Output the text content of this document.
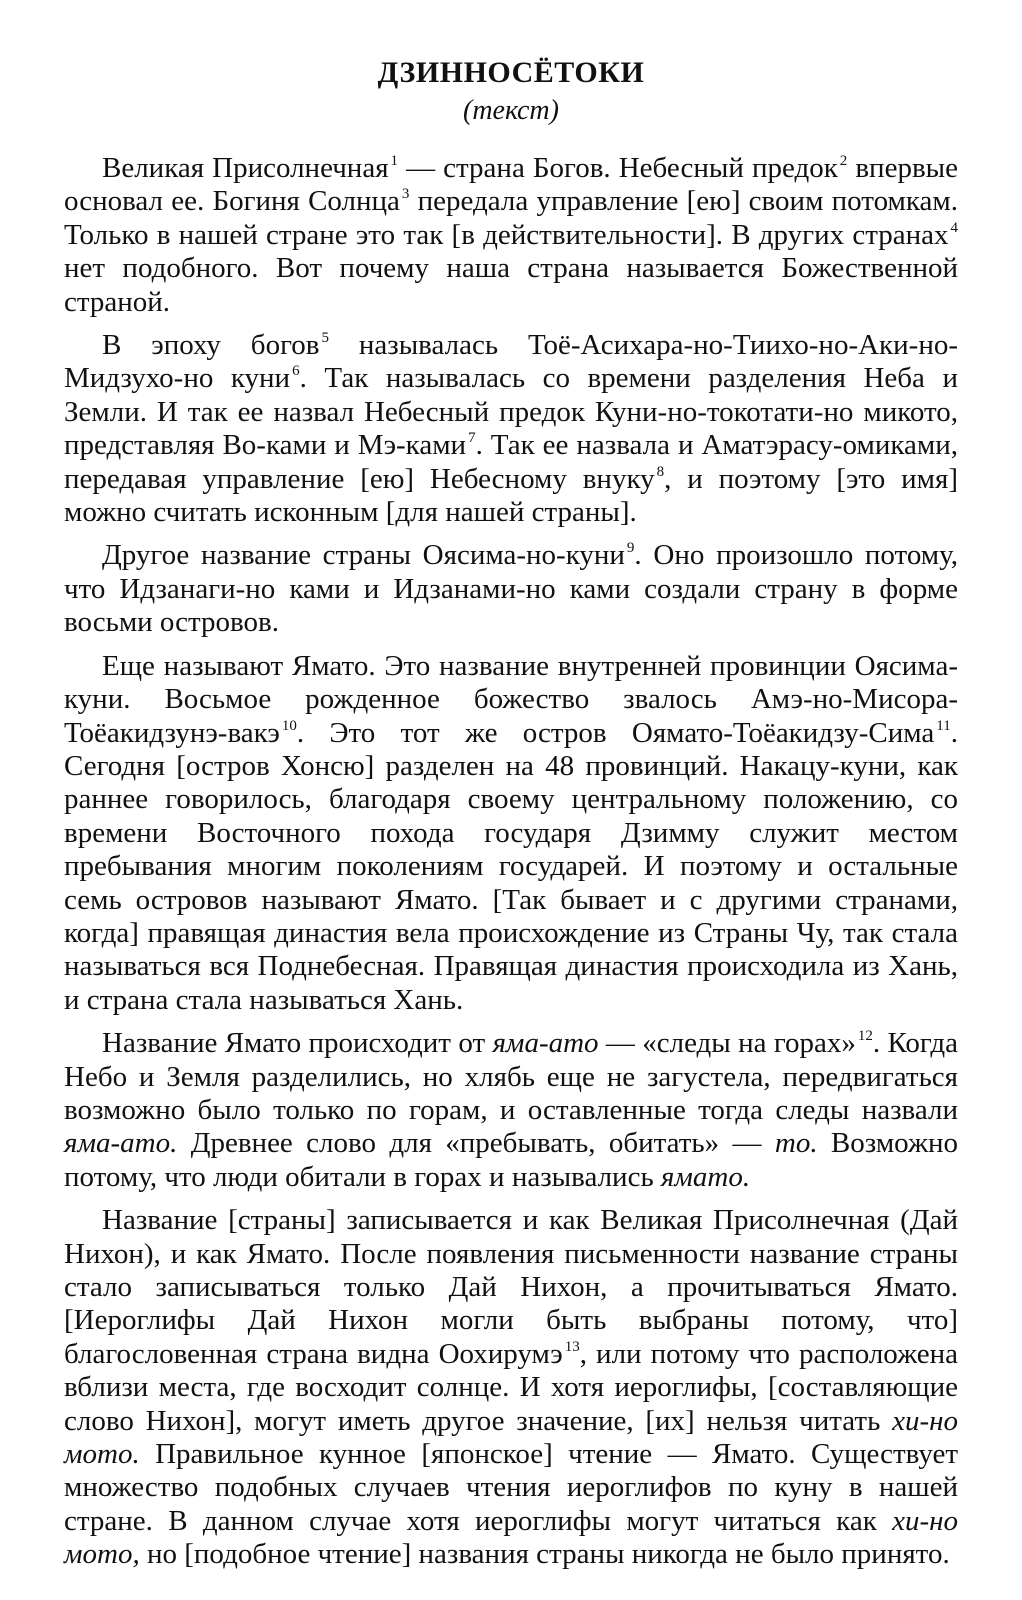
ДЗИННОСЁТОКИ
(текст)

Великая Присолнечная $^1$ — страна Богов. Небесный предок $^2$ впервые основал ее. Богиня Солнца $^3$ передала управление [ею] своим потомкам. Только в нашей стране это так [в действительности]. В других странах $^4$ нет подобного. Вот почему наша страна называется Божественной страной.

В эпоху богов $^5$ называлась Тоё-Асихара-но-Тиихо-но-Аки-но-Мидзухо-но куни $^6$. Так называлась со времени разделения Неба и Земли. И так ее назвал Небесный предок Куни-но-токотати-но микото, представляя Во-ками и Мэ-ками $^7$. Так ее назвала и Аматэрасу-омиками, передавая управление [ею] Небесному внуку $^8$, и поэтому [это имя] можно считать исконным [для нашей страны].

Другое название страны Оясима-но-куни $^9$. Оно произошло потому, что Идзанаги-но ками и Идзанами-но ками создали страну в форме восьми островов.

Еще называют Ямато. Это название внутренней провинции Оясима-куни. Восьмое рожденное божество звалось Амэ-но-Мисора-Тоёакидзунэ-вакэ $^{10}$. Это тот же остров Оямато-Тоёакидзу-Сима $^{11}$. Сегодня [остров Хонсю] разделен на 48 провинций. Накацу-куни, как раннее говорилось, благодаря своему центральному положению, со времени Восточного похода государя Дзимму служит местом пребывания многим поколениям государей. И поэтому и остальные семь островов называют Ямато. [Так бывает и с другими странами, когда] правящая династия вела происхождение из Страны Чу, так стала называться вся Поднебесная. Правящая династия происходила из Хань, и страна стала называться Хань.

Название Ямато происходит от яма-ато — «следы на горах» $^{12}$. Когда Небо и Земля разделились, но хлябь еще не загустела, передвигаться возможно было только по горам, и оставленные тогда следы назвали яма-ато. Древнее слово для «пребывать, обитать» — то. Возможно потому, что люди обитали в горах и назывались ямато.

Название [страны] записывается и как Великая Присолнечная (Дай Нихон), и как Ямато. После появления письменности название страны стало записываться только Дай Нихон, а прочитываться Ямато. [Иероглифы Дай Нихон могли быть выбраны потому, что] благословенная страна видна Оохирумэ $^{13}$, или потому что расположена вблизи места, где восходит солнце. И хотя иероглифы, [составляющие слово Нихон], могут иметь другое значение, [их] нельзя читать хи-но мото. Правильное кунное [японское] чтение — Ямато. Существует множество подобных случаев чтения иероглифов по куну в нашей стране. В данном случае хотя иероглифы могут читаться как хи-но мото, но [подобное чтение] названия страны никогда не было принято.
